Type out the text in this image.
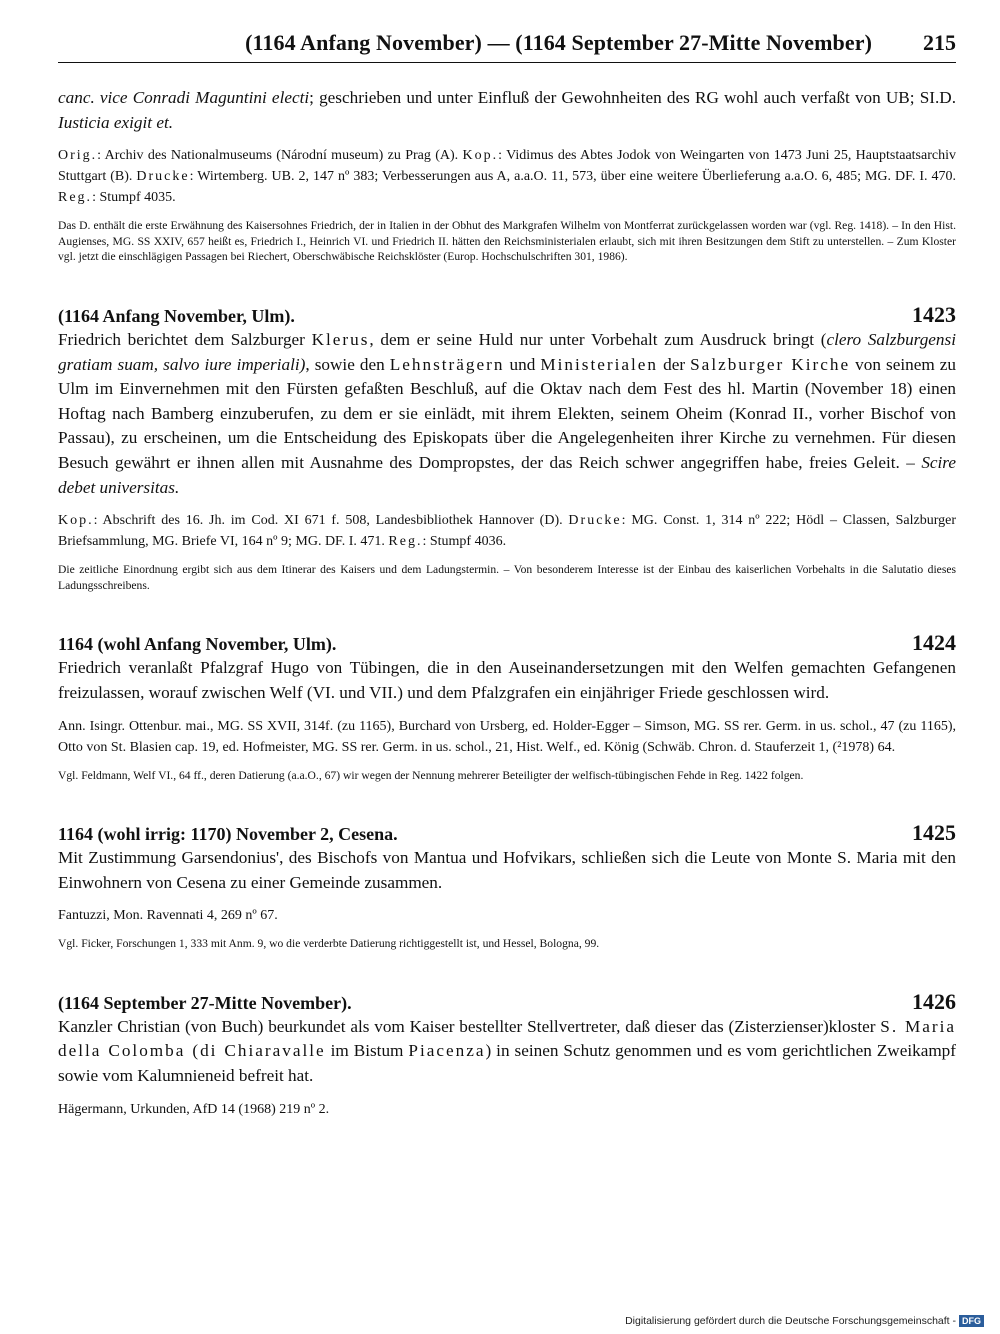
(1164 Anfang November) — (1164 September 27-Mitte November) 215

canc. vice Conradi Maguntini electi; geschrieben und unter Einfluß der Gewohnheiten des RG wohl auch verfaßt von UB; SI.D. Iusticia exigit et.

Orig.: Archiv des Nationalmuseums (Národní museum) zu Prag (A). Kop.: Vidimus des Abtes Jodok von Weingarten von 1473 Juni 25, Hauptstaatsarchiv Stuttgart (B). Drucke: Wirtemberg. UB. 2, 147 nº 383; Verbesserungen aus A, a.a.O. 11, 573, über eine weitere Überlieferung a.a.O. 6, 485; MG. DF. I. 470. Reg.: Stumpf 4035.

Das D. enthält die erste Erwähnung des Kaisersohnes Friedrich, der in Italien in der Obhut des Markgrafen Wilhelm von Montferrat zurückgelassen worden war (vgl. Reg. 1418). – In den Hist. Augienses, MG. SS XXIV, 657 heißt es, Friedrich I., Heinrich VI. und Friedrich II. hätten den Reichsministerialen erlaubt, sich mit ihren Besitzungen dem Stift zu unterstellen. – Zum Kloster vgl. jetzt die einschlägigen Passagen bei Riechert, Oberschwäbische Reichsklöster (Europ. Hochschulschriften 301, 1986).

(1164 Anfang November, Ulm).	1423

Friedrich berichtet dem Salzburger Klerus, dem er seine Huld nur unter Vorbehalt zum Ausdruck bringt (clero Salzburgensi gratiam suam, salvo iure imperiali), sowie den Lehnsträgern und Ministerialen der Salzburger Kirche von seinem zu Ulm im Einvernehmen mit den Fürsten gefaßten Beschluß, auf die Oktav nach dem Fest des hl. Martin (November 18) einen Hoftag nach Bamberg einzuberufen, zu dem er sie einlädt, mit ihrem Elekten, seinem Oheim (Konrad II., vorher Bischof von Passau), zu erscheinen, um die Entscheidung des Episkopats über die Angelegenheiten ihrer Kirche zu vernehmen. Für diesen Besuch gewährt er ihnen allen mit Ausnahme des Dompropstes, der das Reich schwer angegriffen habe, freies Geleit. – Scire debet universitas.

Kop.: Abschrift des 16. Jh. im Cod. XI 671 f. 508, Landesbibliothek Hannover (D). Drucke: MG. Const. 1, 314 nº 222; Hödl – Classen, Salzburger Briefsammlung, MG. Briefe VI, 164 nº 9; MG. DF. I. 471. Reg.: Stumpf 4036.

Die zeitliche Einordnung ergibt sich aus dem Itinerar des Kaisers und dem Ladungstermin. – Von besonderem Interesse ist der Einbau des kaiserlichen Vorbehalts in die Salutatio dieses Ladungsschreibens.

1164 (wohl Anfang November, Ulm).	1424

Friedrich veranlaßt Pfalzgraf Hugo von Tübingen, die in den Auseinandersetzungen mit den Welfen gemachten Gefangenen freizulassen, worauf zwischen Welf (VI. und VII.) und dem Pfalzgrafen ein einjähriger Friede geschlossen wird.

Ann. Isingr. Ottenbur. mai., MG. SS XVII, 314f. (zu 1165), Burchard von Ursberg, ed. Holder-Egger – Simson, MG. SS rer. Germ. in us. schol., 47 (zu 1165), Otto von St. Blasien cap. 19, ed. Hofmeister, MG. SS rer. Germ. in us. schol., 21, Hist. Welf., ed. König (Schwäb. Chron. d. Stauferzeit 1, (²1978) 64.

Vgl. Feldmann, Welf VI., 64 ff., deren Datierung (a.a.O., 67) wir wegen der Nennung mehrerer Beteiligter der welfisch-tübingischen Fehde in Reg. 1422 folgen.

1164 (wohl irrig: 1170) November 2, Cesena.	1425

Mit Zustimmung Garsendonius', des Bischofs von Mantua und Hofvikars, schließen sich die Leute von Monte S. Maria mit den Einwohnern von Cesena zu einer Gemeinde zusammen.

Fantuzzi, Mon. Ravennati 4, 269 nº 67.

Vgl. Ficker, Forschungen 1, 333 mit Anm. 9, wo die verderbte Datierung richtiggestellt ist, und Hessel, Bologna, 99.

(1164 September 27-Mitte November).	1426

Kanzler Christian (von Buch) beurkundet als vom Kaiser bestellter Stellvertreter, daß dieser das (Zisterzienser)kloster S. Maria della Colomba (di Chiaravalle im Bistum Piacenza) in seinen Schutz genommen und es vom gerichtlichen Zweikampf sowie vom Kalumnieneid befreit hat.

Hägermann, Urkunden, AfD 14 (1968) 219 nº 2.

Digitalisierung gefördert durch die Deutsche Forschungsgemeinschaft - DFG
